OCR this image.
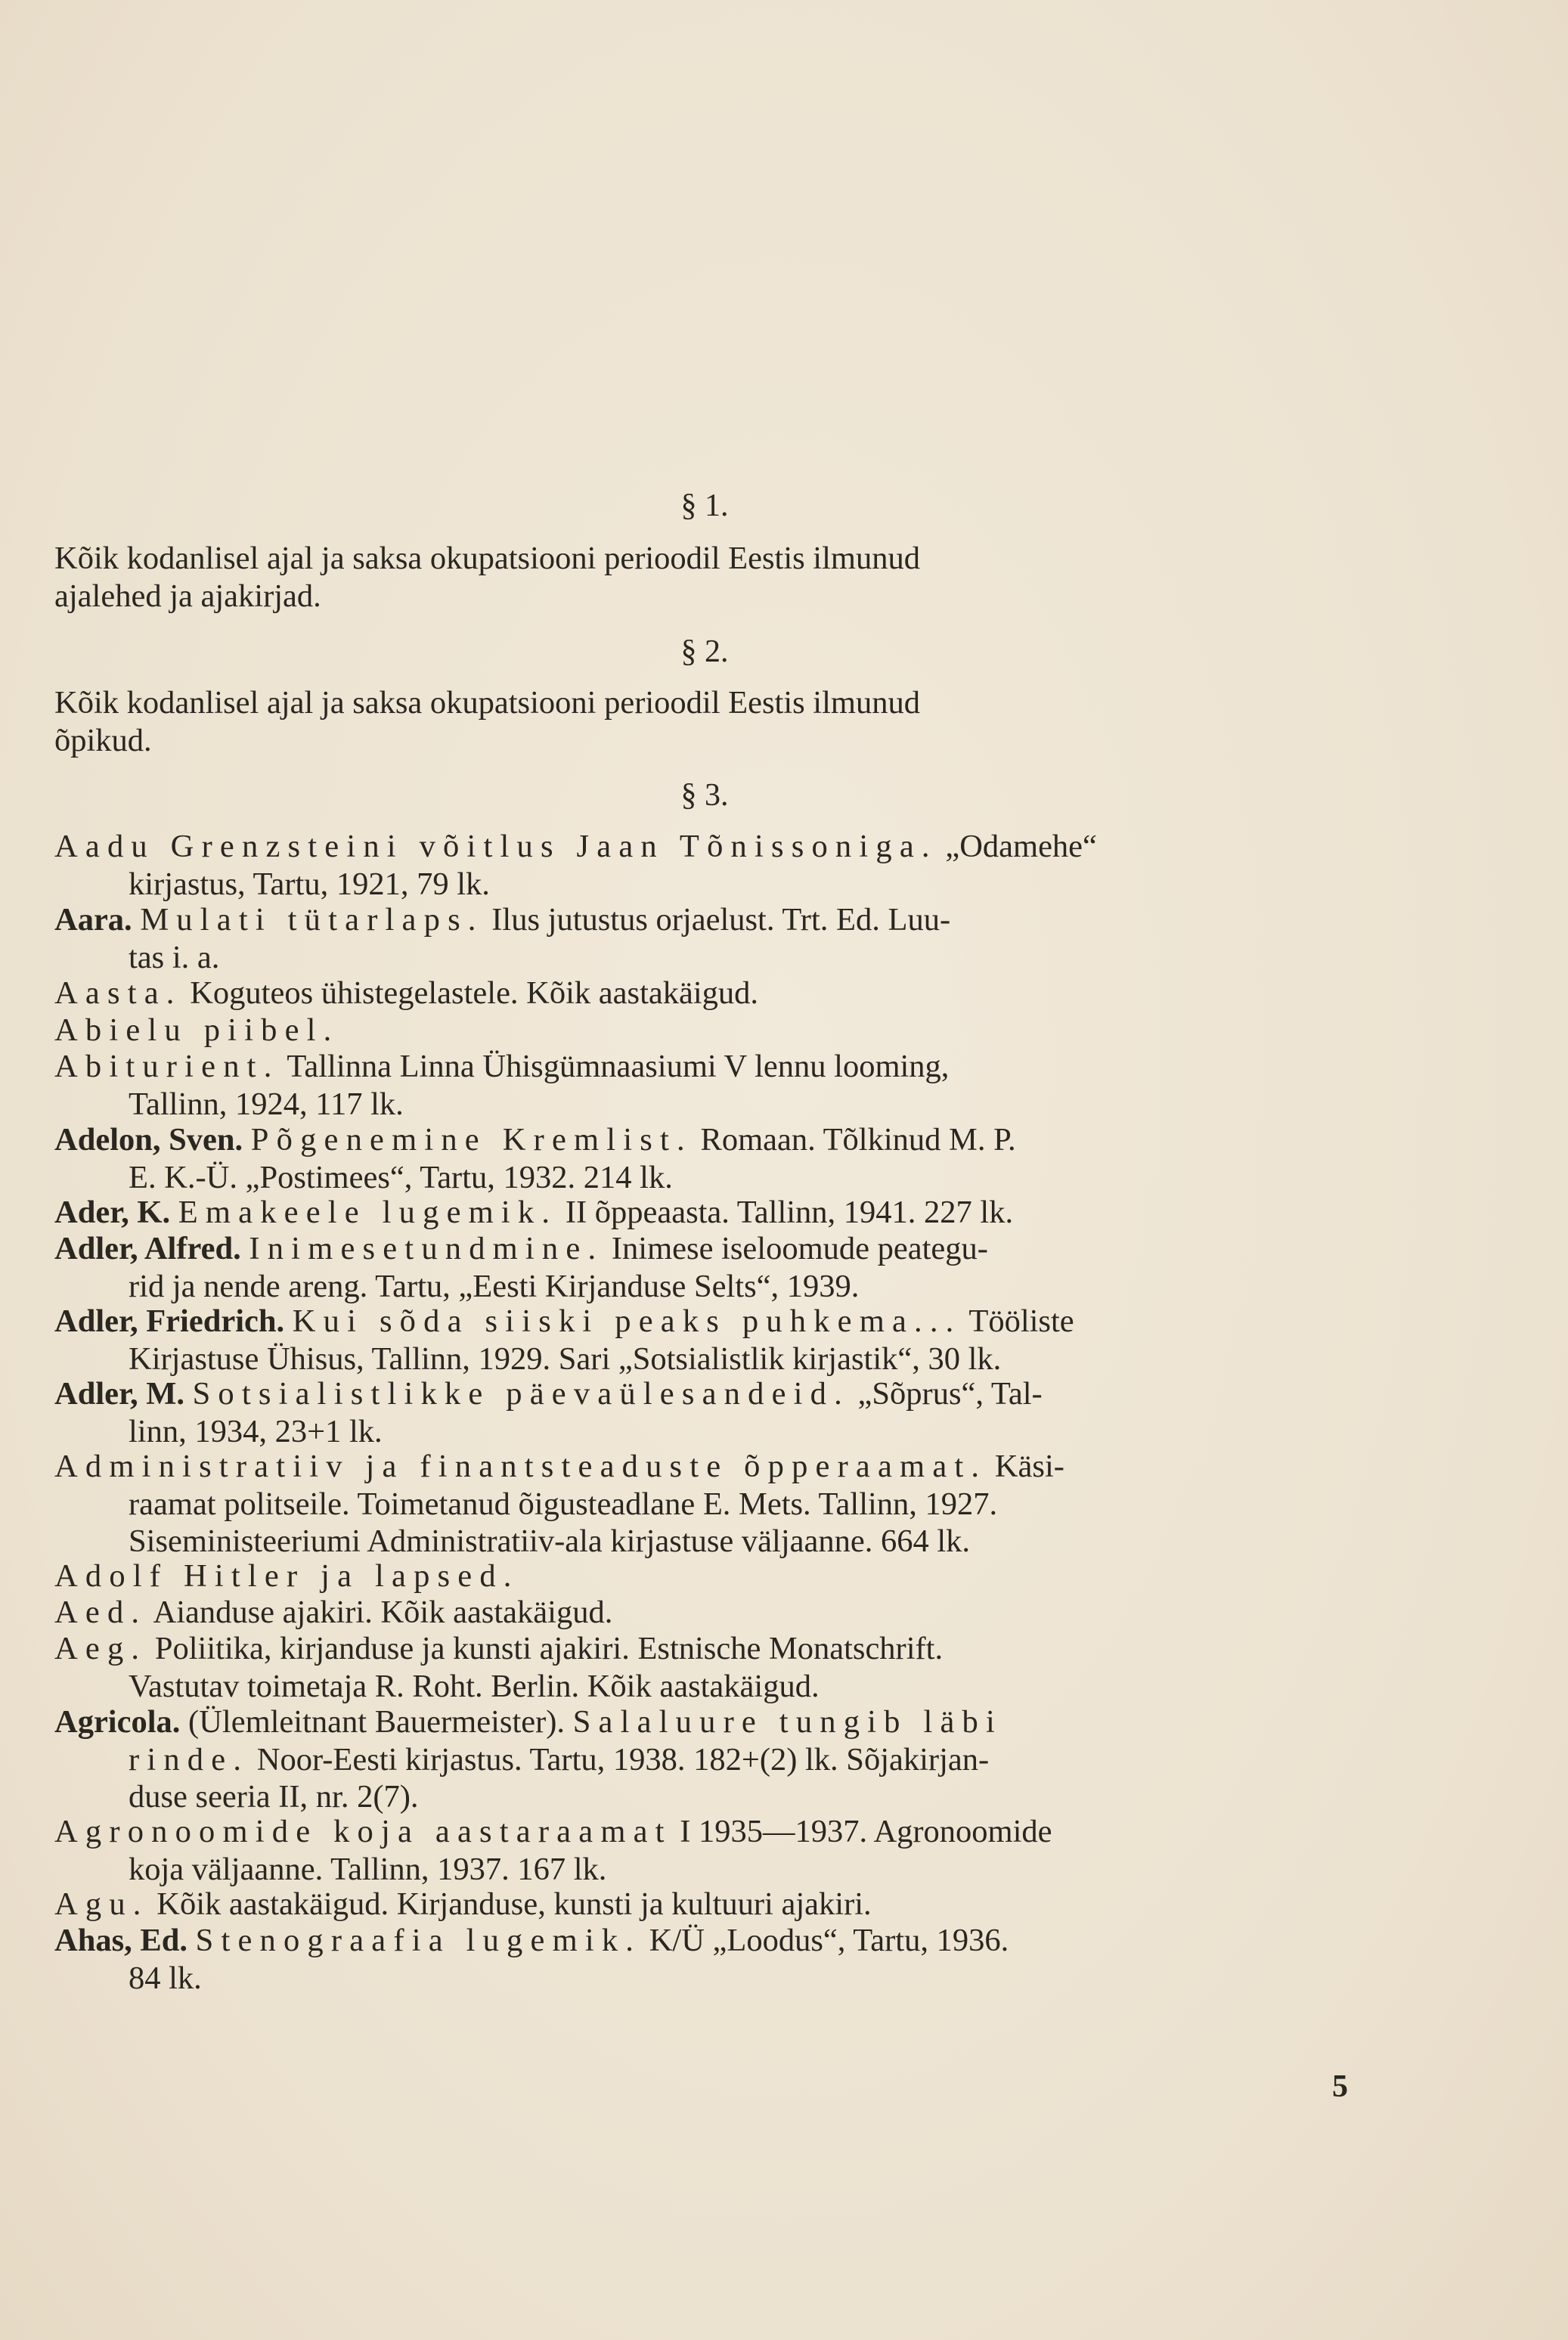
§ 1.
Kõik kodanlisel ajal ja saksa okupatsiooni perioodil Eestis ilmunud
ajalehed ja ajakirjad.
§ 2.
Kõik kodanlisel ajal ja saksa okupatsiooni perioodil Eestis ilmunud
õpikud.
§ 3.
Aadu Grenzsteini võitlus Jaan Tõnissoniga. „Odamehe“
kirjastus, Tartu, 1921, 79 lk.
Aara. Mulati tütarlaps. Ilus jutustus orjaelust. Trt. Ed. Luu-
tas i. a.
Aasta. Koguteos ühistegelastele. Kõik aastakäigud.
Abielu piibel.
Abiturient. Tallinna Linna Ühisgümnaasiumi V lennu looming,
Tallinn, 1924, 117 lk.
Adelon, Sven. Põgenemine Kremlist. Romaan. Tõlkinud M. P.
E. K.-Ü. „Postimees“, Tartu, 1932. 214 lk.
Ader, K. Emakeele lugemik. II õppeaasta. Tallinn, 1941. 227 lk.
Adler, Alfred. Inimesetundmine. Inimese iseloomude peategu-
rid ja nende areng. Tartu, „Eesti Kirjanduse Selts“, 1939.
Adler, Friedrich. Kui sõda siiski peaks puhkema... Tööliste
Kirjastuse Ühisus, Tallinn, 1929. Sari „Sotsialistlik kirjastik“, 30 lk.
Adler, M. Sotsialistlikke päevaülesandeid. „Sõprus“, Tal-
linn, 1934, 23+1 lk.
Administratiiv ja finantsteaduste õpperaamat. Käsi-
raamat politseile. Toimetanud õigusteadlane E. Mets. Tallinn, 1927.
Siseministeeriumi Administratiiv-ala kirjastuse väljaanne. 664 lk.
Adolf Hitler ja lapsed.
Aed. Aianduse ajakiri. Kõik aastakäigud.
Aeg. Poliitika, kirjanduse ja kunsti ajakiri. Estnische Monatschrift.
Vastutav toimetaja R. Roht. Berlin. Kõik aastakäigud.
Agricola. (Ülemleitnant Bauermeister). Salaluure tungib läbi
rinde. Noor-Eesti kirjastus. Tartu, 1938. 182+(2) lk. Sõjakirjan-
duse seeria II, nr. 2(7).
Agronoomide koja aastaraamat I 1935—1937. Agronoomide
koja väljaanne. Tallinn, 1937. 167 lk.
Agu. Kõik aastakäigud. Kirjanduse, kunsti ja kultuuri ajakiri.
Ahas, Ed. Stenograafia lugemik. K/Ü „Loodus“, Tartu, 1936.
84 lk.
5
